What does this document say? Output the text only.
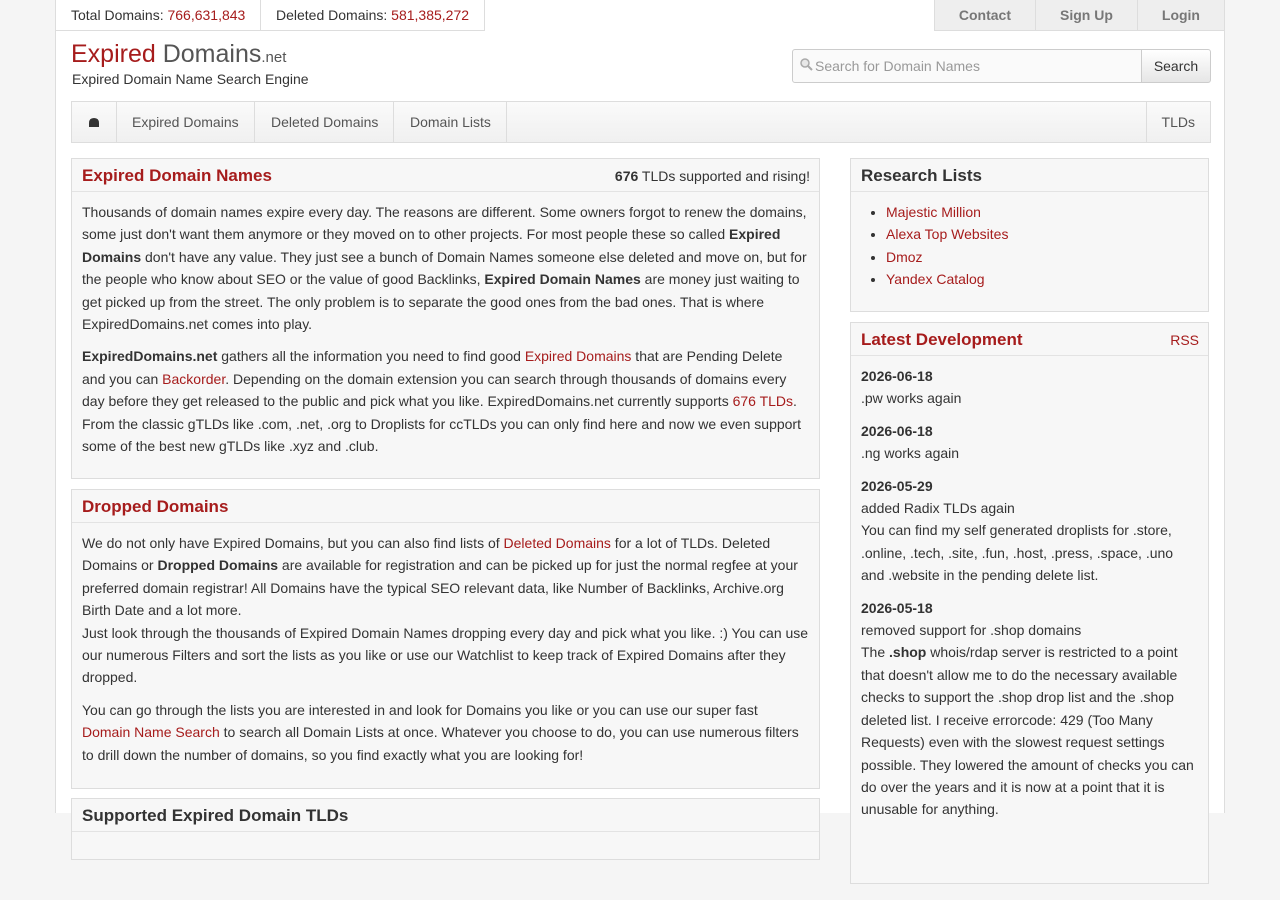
Total Domains: 766,631,843	Deleted Domains: 581,385,272	Contact	Sign Up	Login
Expired Domains.net
Expired Domain Name Search Engine
Search for Domain Names
Search
Expired Domains	Deleted Domains	Domain Lists	TLDs
Expired Domain Names	676 TLDs supported and rising!

Thousands of domain names expire every day. The reasons are different. Some owners forgot to renew the domains, some just don't want them anymore or they moved on to other projects. For most people these so called Expired Domains don't have any value. They just see a bunch of Domain Names someone else deleted and move on, but for the people who know about SEO or the value of good Backlinks, Expired Domain Names are money just waiting to get picked up from the street. The only problem is to separate the good ones from the bad ones. That is where ExpiredDomains.net comes into play.

ExpiredDomains.net gathers all the information you need to find good Expired Domains that are Pending Delete and you can Backorder. Depending on the domain extension you can search through thousands of domains every day before they get released to the public and pick what you like. ExpiredDomains.net currently supports 676 TLDs. From the classic gTLDs like .com, .net, .org to Droplists for ccTLDs you can only find here and now we even support some of the best new gTLDs like .xyz and .club.

Dropped Domains

We do not only have Expired Domains, but you can also find lists of Deleted Domains for a lot of TLDs. Deleted Domains or Dropped Domains are available for registration and can be picked up for just the normal regfee at your preferred domain registrar! All Domains have the typical SEO relevant data, like Number of Backlinks, Archive.org Birth Date and a lot more.
Just look through the thousands of Expired Domain Names dropping every day and pick what you like. :) You can use our numerous Filters and sort the lists as you like or use our Watchlist to keep track of Expired Domains after they dropped.

You can go through the lists you are interested in and look for Domains you like or you can use our super fast Domain Name Search to search all Domain Lists at once. Whatever you choose to do, you can use numerous filters to drill down the number of domains, so you find exactly what you are looking for!

Supported Expired Domain TLDs
Research Lists
• Majestic Million
• Alexa Top Websites
• Dmoz
• Yandex Catalog
Latest Development	RSS
2026-06-18
.pw works again
2026-06-18
.ng works again
2026-05-29
added Radix TLDs again
You can find my self generated droplists for .store, .online, .tech, .site, .fun, .host, .press, .space, .uno and .website in the pending delete list.
2026-05-18
removed support for .shop domains
The .shop whois/rdap server is restricted to a point that doesn't allow me to do the necessary available checks to support the .shop drop list and the .shop deleted list. I receive errorcode: 429 (Too Many Requests) even with the slowest request settings possible. They lowered the amount of checks you can do over the years and it is now at a point that it is unusable for anything.
